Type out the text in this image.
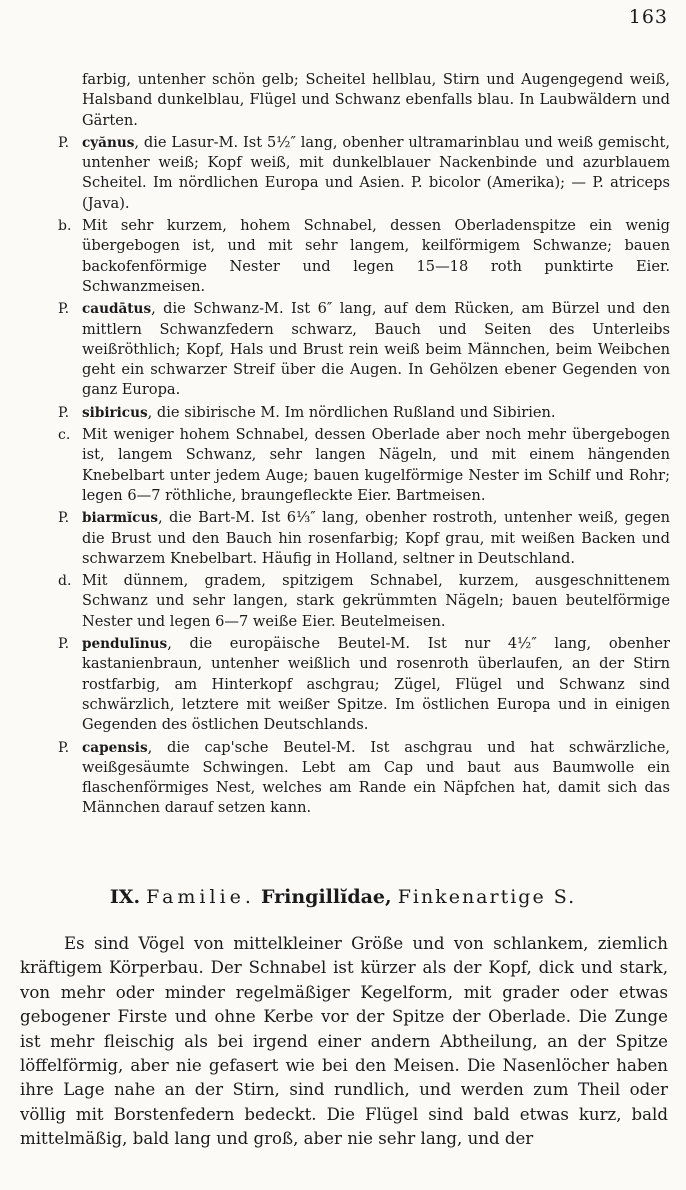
163

farbig, untenher schön gelb; Scheitel hellblau, Stirn und Augengegend weiß, Halsband dunkelblau, Flügel und Schwanz ebenfalls blau. In Laubwäldern und Gärten.

P. cyănus, die Lasur-M. Ist 5½″ lang, obenher ultramarinblau und weiß gemischt, untenher weiß; Kopf weiß, mit dunkelblauer Nackenbinde und azurblauem Scheitel. Im nördlichen Europa und Asien. P. bicolor (Amerika); — P. atriceps (Java).

b. Mit sehr kurzem, hohem Schnabel, dessen Oberladenspitze ein wenig übergebogen ist, und mit sehr langem, keilförmigem Schwanze; bauen backofenförmige Nester und legen 15—18 roth punktirte Eier. Schwanzmeisen.

P. caudātus, die Schwanz-M. Ist 6″ lang, auf dem Rücken, am Bürzel und den mittlern Schwanzfedern schwarz, Bauch und Seiten des Unterleibs weißröthlich; Kopf, Hals und Brust rein weiß beim Männchen, beim Weibchen geht ein schwarzer Streif über die Augen. In Gehölzen ebener Gegenden von ganz Europa.

P. sibiricus, die sibirische M. Im nördlichen Rußland und Sibirien.

c. Mit weniger hohem Schnabel, dessen Oberlade aber noch mehr übergebogen ist, langem Schwanz, sehr langen Nägeln, und mit einem hängenden Knebelbart unter jedem Auge; bauen kugelförmige Nester im Schilf und Rohr; legen 6—7 röthliche, braungefleckte Eier. Bartmeisen.

P. biarmĭcus, die Bart-M. Ist 6⅓″ lang, obenher rostroth, untenher weiß, gegen die Brust und den Bauch hin rosenfarbig; Kopf grau, mit weißen Backen und schwarzem Knebelbart. Häufig in Holland, seltner in Deutschland.

d. Mit dünnem, gradem, spitzigem Schnabel, kurzem, ausgeschnittenem Schwanz und sehr langen, stark gekrümmten Nägeln; bauen beutelförmige Nester und legen 6—7 weiße Eier. Beutelmeisen.

P. pendulīnus, die europäische Beutel-M. Ist nur 4½″ lang, obenher kastanienbraun, untenher weißlich und rosenroth überlaufen, an der Stirn rostfarbig, am Hinterkopf aschgrau; Zügel, Flügel und Schwanz sind schwärzlich, letztere mit weißer Spitze. Im östlichen Europa und in einigen Gegenden des östlichen Deutschlands.

P. capensis, die cap'sche Beutel-M. Ist aschgrau und hat schwärzliche, weißgesäumte Schwingen. Lebt am Cap und baut aus Baumwolle ein flaschenförmiges Nest, welches am Rande ein Näpfchen hat, damit sich das Männchen darauf setzen kann.

IX. Familie. Fringillĭdae, Finkenartige S.

Es sind Vögel von mittelkleiner Größe und von schlankem, ziemlich kräftigem Körperbau. Der Schnabel ist kürzer als der Kopf, dick und stark, von mehr oder minder regelmäßiger Kegelform, mit grader oder etwas gebogener Firste und ohne Kerbe vor der Spitze der Oberlade. Die Zunge ist mehr fleischig als bei irgend einer andern Abtheilung, an der Spitze löffelförmig, aber nie gefasert wie bei den Meisen. Die Nasenlöcher haben ihre Lage nahe an der Stirn, sind rundlich, und werden zum Theil oder völlig mit Borstenfedern bedeckt. Die Flügel sind bald etwas kurz, bald mittelmäßig, bald lang und groß, aber nie sehr lang, und der
